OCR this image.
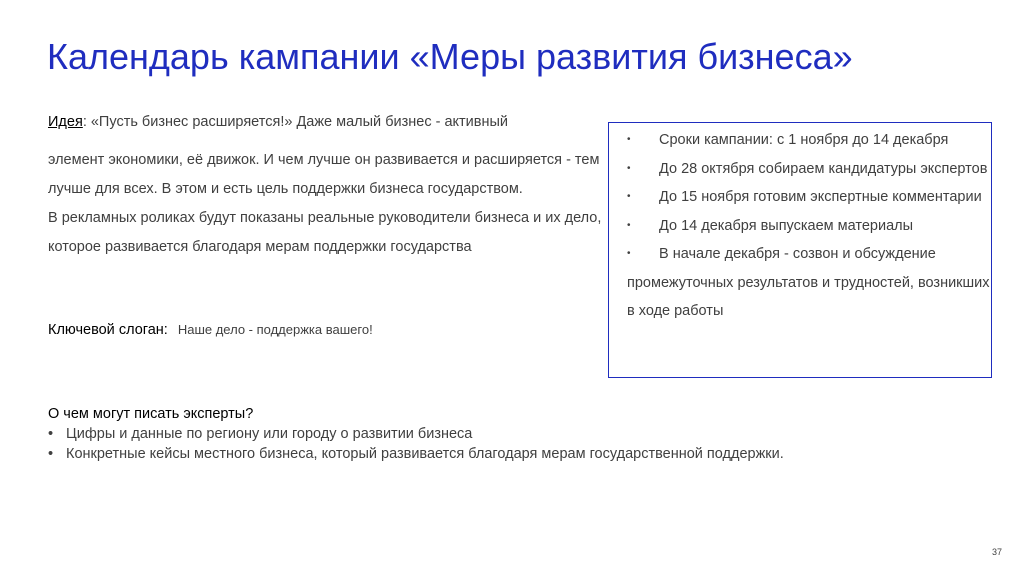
Календарь кампании «Меры развития бизнеса»
Идея: «Пусть бизнес расширяется!» Даже малый бизнес - активный

элемент экономики, её движок. И чем лучше он развивается и расширяется - тем лучше для всех. В этом и есть цель поддержки бизнеса государством.

В рекламных роликах будут показаны реальные руководители бизнеса и их дело, которое развивается благодаря мерам поддержки государства

Ключевой слоган: Наше дело - поддержка вашего!
• Сроки кампании: с 1 ноября до 14 декабря
• До 28 октября собираем кандидатуры экспертов
• До 15 ноября готовим экспертные комментарии
• До 14 декабря выпускаем материалы
• В начале декабря - созвон и обсуждение промежуточных результатов и трудностей, возникших в ходе работы
О чем могут писать эксперты?
• Цифры и данные по региону или городу о развитии бизнеса
• Конкретные кейсы местного бизнеса, который развивается благодаря мерам государственной поддержки.
37
